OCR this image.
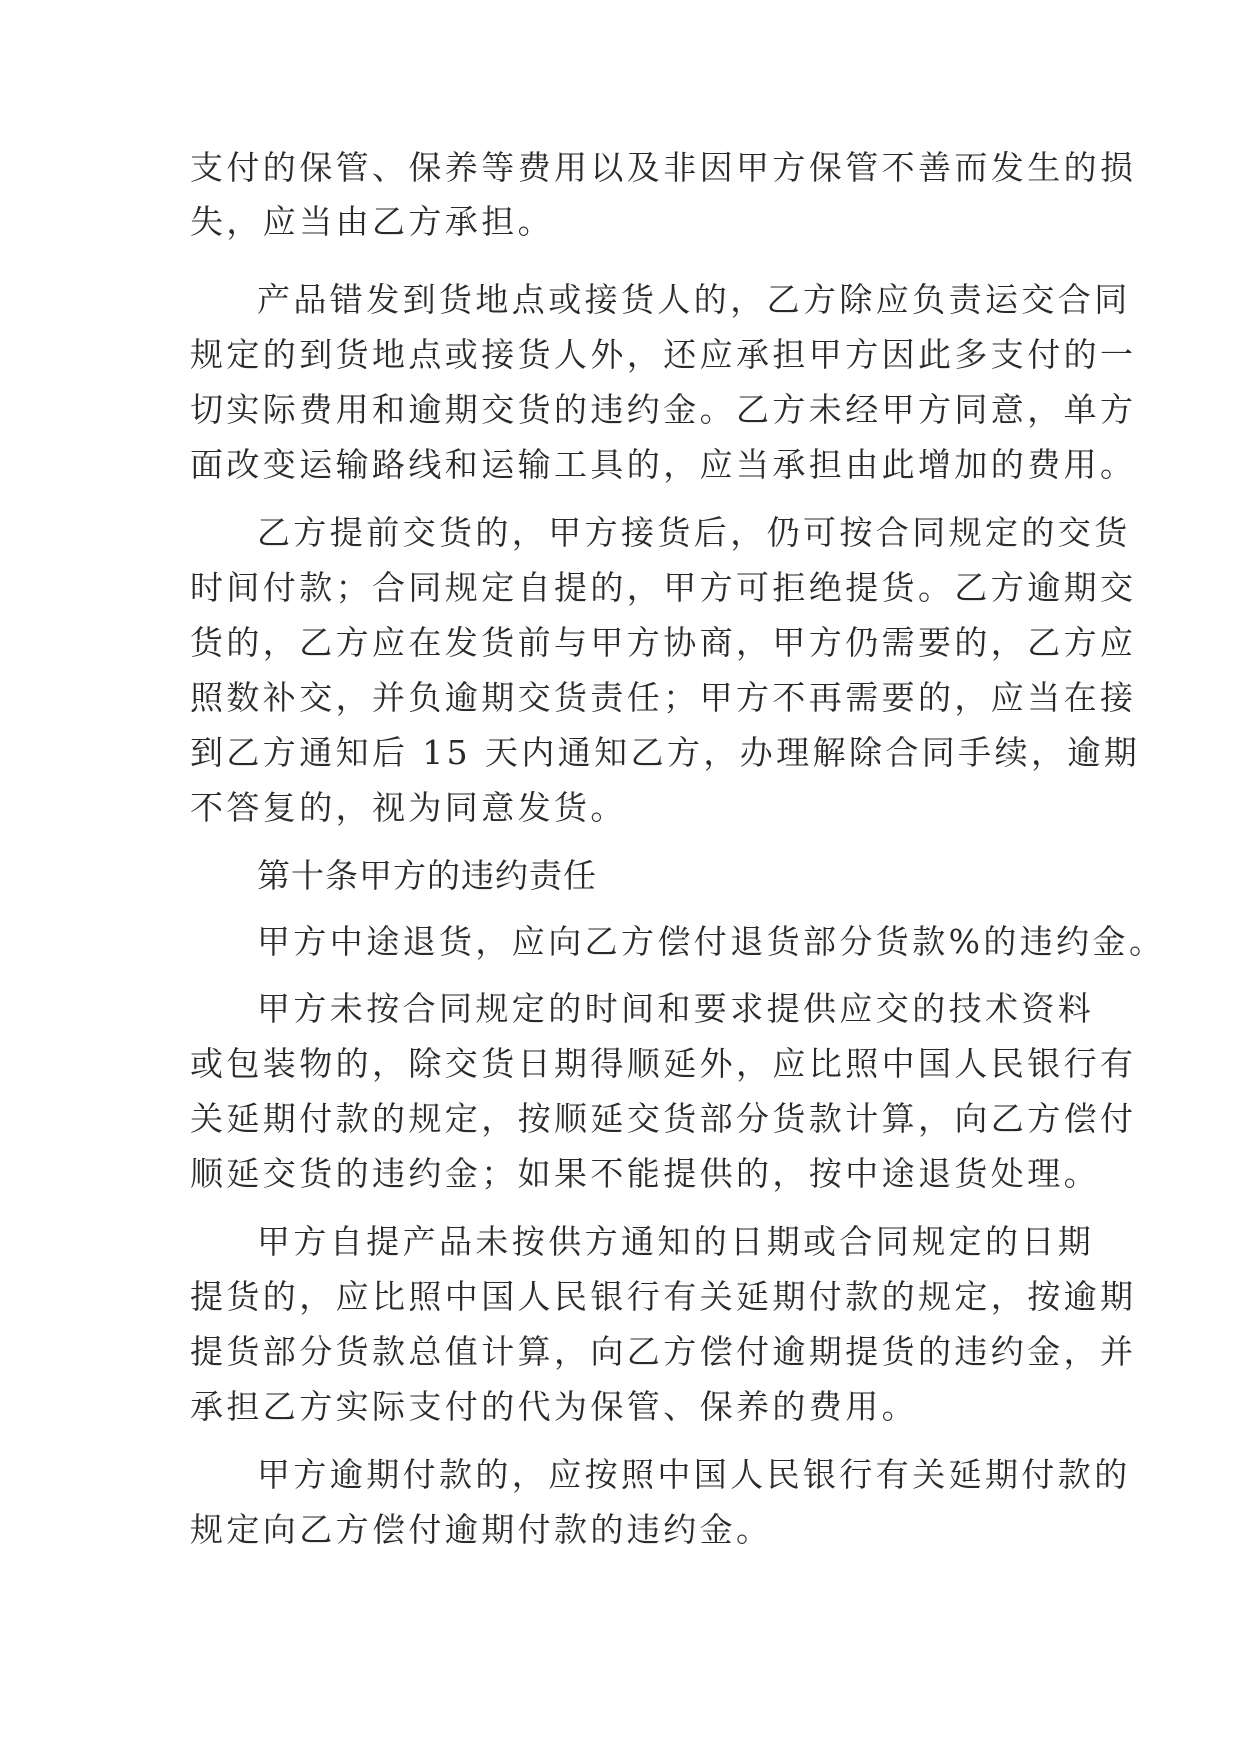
支付的保管、保养等费用以及非因甲方保管不善而发生的损
失，应当由乙方承担。
产品错发到货地点或接货人的，乙方除应负责运交合同
规定的到货地点或接货人外，还应承担甲方因此多支付的一
切实际费用和逾期交货的违约金。乙方未经甲方同意，单方
面改变运输路线和运输工具的，应当承担由此增加的费用。
乙方提前交货的，甲方接货后，仍可按合同规定的交货
时间付款；合同规定自提的，甲方可拒绝提货。乙方逾期交
货的，乙方应在发货前与甲方协商，甲方仍需要的，乙方应
照数补交，并负逾期交货责任；甲方不再需要的，应当在接
到乙方通知后 15 天内通知乙方，办理解除合同手续，逾期
不答复的，视为同意发货。
第十条甲方的违约责任
甲方中途退货，应向乙方偿付退货部分货款%的违约金。
甲方未按合同规定的时间和要求提供应交的技术资料
或包装物的，除交货日期得顺延外，应比照中国人民银行有
关延期付款的规定，按顺延交货部分货款计算，向乙方偿付
顺延交货的违约金；如果不能提供的，按中途退货处理。
甲方自提产品未按供方通知的日期或合同规定的日期
提货的，应比照中国人民银行有关延期付款的规定，按逾期
提货部分货款总值计算，向乙方偿付逾期提货的违约金，并
承担乙方实际支付的代为保管、保养的费用。
甲方逾期付款的，应按照中国人民银行有关延期付款的
规定向乙方偿付逾期付款的违约金。
